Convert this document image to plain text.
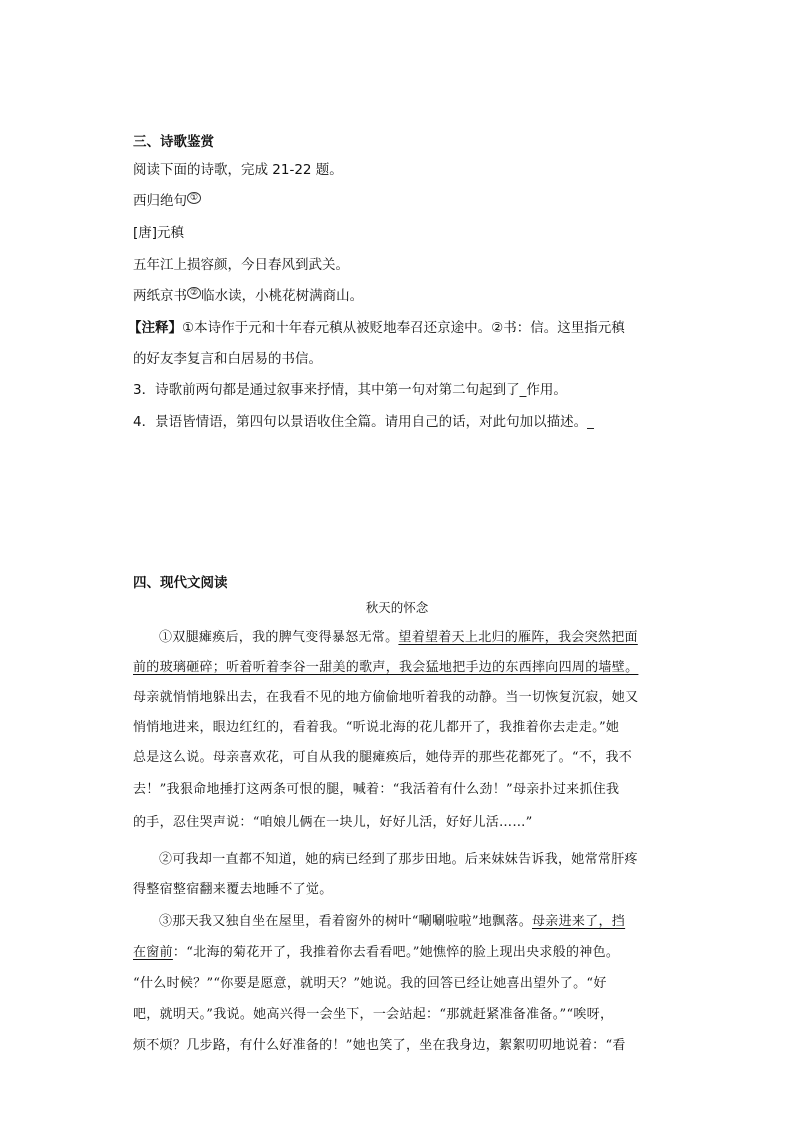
三、诗歌鉴赏
阅读下面的诗歌，完成 21-22 题。
西归绝句 ①
[唐]元稹
五年江上损容颜，今日春风到武关。
两纸京书 ② 临水读，小桃花树满商山。
【注释】①本诗作于元和十年春元稹从被贬地奉召还京途中。②书：信。这里指元稹
的好友李复言和白居易的书信。
3．诗歌前两句都是通过叙事来抒情，其中第一句对第二句起到了_作用。
4．景语皆情语，第四句以景语收住全篇。请用自己的话，对此句加以描述。_
四、现代文阅读
秋天的怀念
①双腿瘫痪后，我的脾气变得暴怒无常。望着望着天上北归的雁阵，我会突然把面
前的玻璃砸碎；听着听着李谷一甜美的歌声，我会猛地把手边的东西摔向四周的墙壁。
母亲就悄悄地躲出去，在我看不见的地方偷偷地听着我的动静。当一切恢复沉寂，她又
悄悄地进来，眼边红红的，看着我。“听说北海的花儿都开了，我推着你去走走。”她
总是这么说。母亲喜欢花，可自从我的腿瘫痪后，她侍弄的那些花都死了。“不，我不
去！”我狠命地捶打这两条可恨的腿，喊着：“我活着有什么劲！”母亲扑过来抓住我
的手，忍住哭声说：“咱娘儿俩在一块儿，好好儿活，好好儿活……”
②可我却一直都不知道，她的病已经到了那步田地。后来妹妹告诉我，她常常肝疼
得整宿整宿翻来覆去地睡不了觉。
③那天我又独自坐在屋里，看着窗外的树叶“唰唰啦啦”地飘落。母亲进来了，挡
在窗前：“北海的菊花开了，我推着你去看看吧。”她憔悴的脸上现出央求般的神色。
“什么时候？”“你要是愿意，就明天？”她说。我的回答已经让她喜出望外了。“好
吧，就明天。”我说。她高兴得一会坐下，一会站起：“那就赶紧准备准备。”“唉呀，
烦不烦？几步路，有什么好准备的！”她也笑了，坐在我身边，絮絮叨叨地说着：“看
